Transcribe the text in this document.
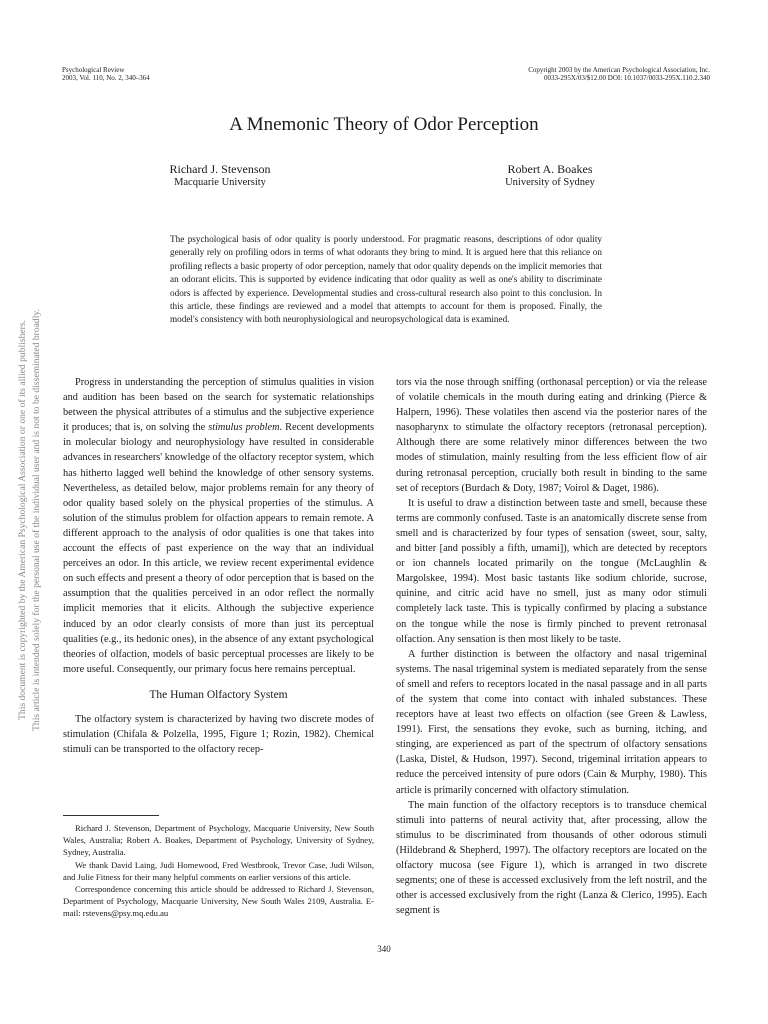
Psychological Review
2003, Vol. 110, No. 2, 340–364
Copyright 2003 by the American Psychological Association, Inc.
0033-295X/03/$12.00 DOI: 10.1037/0033-295X.110.2.340
A Mnemonic Theory of Odor Perception
Richard J. Stevenson
Macquarie University
Robert A. Boakes
University of Sydney

The psychological basis of odor quality is poorly understood. For pragmatic reasons, descriptions of odor quality generally rely on profiling odors in terms of what odorants they bring to mind. It is argued here that this reliance on profiling reflects a basic property of odor perception, namely that odor quality depends on the implicit memories that an odorant elicits. This is supported by evidence indicating that odor quality as well as one's ability to discriminate odors is affected by experience. Developmental studies and cross-cultural research also point to this conclusion. In this article, these findings are reviewed and a model that attempts to account for them is proposed. Finally, the model's consistency with both neurophysiological and neuropsychological data is examined.

Progress in understanding the perception of stimulus qualities in vision and audition has been based on the search for systematic relationships between the physical attributes of a stimulus and the subjective experience it produces; that is, on solving the stimulus problem. Recent developments in molecular biology and neurophysiology have resulted in considerable advances in researchers' knowledge of the olfactory receptor system, which has hitherto lagged well behind the knowledge of other sensory systems. Nevertheless, as detailed below, major problems remain for any theory of odor quality based solely on the physical properties of the stimulus. A solution of the stimulus problem for olfaction appears to remain remote. A different approach to the analysis of odor qualities is one that takes into account the effects of past experience on the way that an individual perceives an odor. In this article, we review recent experimental evidence on such effects and present a theory of odor perception that is based on the assumption that the qualities perceived in an odor reflect the normally implicit memories that it elicits. Although the subjective experience induced by an odor clearly consists of more than just its perceptual qualities (e.g., its hedonic ones), in the absence of any extant psychological theories of olfaction, models of basic perceptual processes are likely to be more useful. Consequently, our primary focus here remains perceptual.

The Human Olfactory System

The olfactory system is characterized by having two discrete modes of stimulation (Chifala & Polzella, 1995, Figure 1; Rozin, 1982). Chemical stimuli can be transported to the olfactory recep-

tors via the nose through sniffing (orthonasal perception) or via the release of volatile chemicals in the mouth during eating and drinking (Pierce & Halpern, 1996). These volatiles then ascend via the posterior nares of the nasopharynx to stimulate the olfactory receptors (retronasal perception). Although there are some relatively minor differences between the two modes of stimulation, mainly resulting from the less efficient flow of air during retronasal perception, crucially both result in binding to the same set of receptors (Burdach & Doty, 1987; Voirol & Daget, 1986).

It is useful to draw a distinction between taste and smell, because these terms are commonly confused. Taste is an anatomically discrete sense from smell and is characterized by four types of sensation (sweet, sour, salty, and bitter [and possibly a fifth, umami]), which are detected by receptors or ion channels located primarily on the tongue (McLaughlin & Margolskee, 1994). Most basic tastants like sodium chloride, sucrose, quinine, and citric acid have no smell, just as many odor stimuli completely lack taste. This is typically confirmed by placing a substance on the tongue while the nose is firmly pinched to prevent retronasal olfaction. Any sensation is then most likely to be taste.

A further distinction is between the olfactory and nasal trigeminal systems. The nasal trigeminal system is mediated separately from the sense of smell and refers to receptors located in the nasal passage and in all parts of the system that come into contact with inhaled substances. These receptors have at least two effects on olfaction (see Green & Lawless, 1991). First, the sensations they evoke, such as burning, itching, and stinging, are experienced as part of the spectrum of olfactory sensations (Laska, Distel, & Hudson, 1997). Second, trigeminal irritation appears to reduce the perceived intensity of pure odors (Cain & Murphy, 1980). This article is primarily concerned with olfactory stimulation.

The main function of the olfactory receptors is to transduce chemical stimuli into patterns of neural activity that, after processing, allow the stimulus to be discriminated from thousands of other odorous stimuli (Hildebrand & Shepherd, 1997). The olfactory receptors are located on the olfactory mucosa (see Figure 1), which is arranged in two discrete segments; one of these is accessed exclusively from the left nostril, and the other is accessed exclusively from the right (Lanza & Clerico, 1995). Each segment is

Richard J. Stevenson, Department of Psychology, Macquarie University, New South Wales, Australia; Robert A. Boakes, Department of Psychology, University of Sydney, Sydney, Australia.

We thank David Laing, Judi Homewood, Fred Westbrook, Trevor Case, Judi Wilson, and Julie Fitness for their many helpful comments on earlier versions of this article.

Correspondence concerning this article should be addressed to Richard J. Stevenson, Department of Psychology, Macquarie University, New South Wales 2109, Australia. E-mail: rstevens@psy.mq.edu.au

340
This document is copyrighted by the American Psychological Association or one of its allied publishers. This article is intended solely for the personal use of the individual user and is not to be disseminated broadly.
